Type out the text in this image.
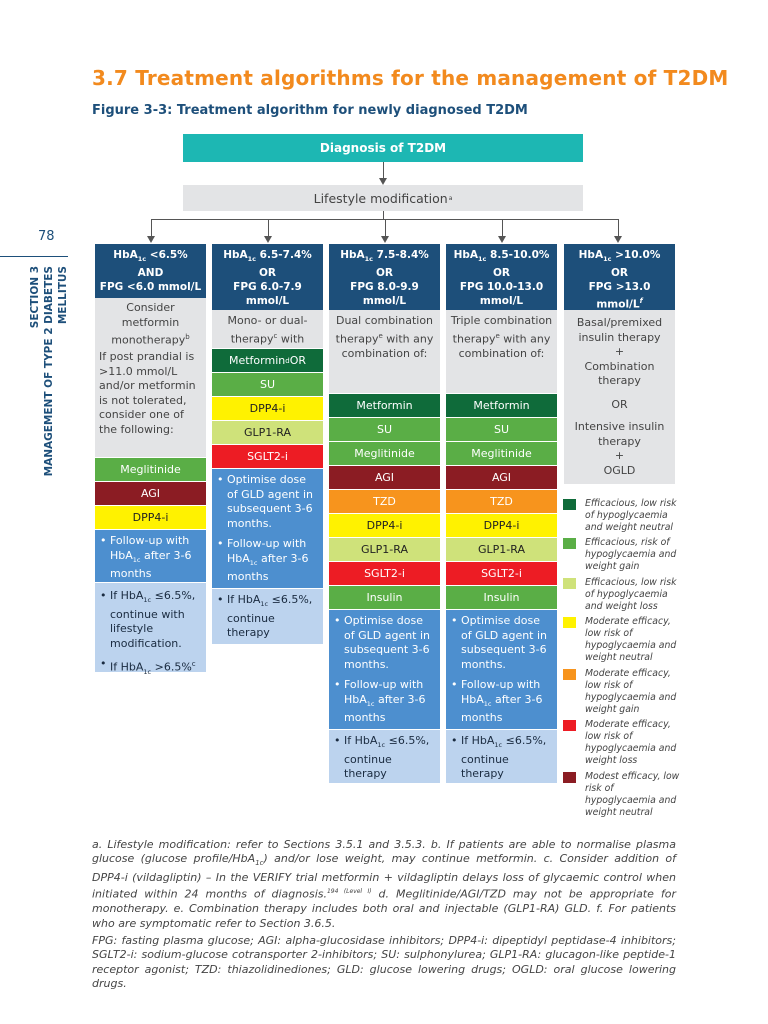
3.7 Treatment algorithms for the management of T2DM
Figure 3-3: Treatment algorithm for newly diagnosed T2DM
78
SECTION 3 MANAGEMENT OF TYPE 2 DIABETES MELLITUS
Diagnosis of T2DM
Lifestyle modification a
HbA$_{1c}$ <6.5%
AND
FPG <6.0 mmol/L
Consider metformin monotherapy$^b$
If post prandial is >11.0 mmol/L and/or metformin is not tolerated, consider one of the following:
Meglitinide
AGI
DPP4-i
• Follow-up with HbA$_{1c}$ after 3-6 months
• If HbA$_{1c}$ ≤6.5%, continue with lifestyle modification.
• If HbA$_{1c}$ >6.5%$^c$
HbA$_{1c}$ 6.5-7.4%
OR
FPG 6.0-7.9 mmol/L
Mono- or dual-therapy$^c$ with
Metformin d OR
SU
DPP4-i
GLP1-RA
SGLT2-i
• Optimise dose of GLD agent in subsequent 3-6 months.
• Follow-up with HbA$_{1c}$ after 3-6 months
• If HbA$_{1c}$ ≤6.5%, continue therapy
HbA$_{1c}$ 7.5-8.4%
OR
FPG 8.0-9.9 mmol/L
Dual combination therapy$^e$ with any combination of:
Metformin
SU
Meglitinide
AGI
TZD
DPP4-i
GLP1-RA
SGLT2-i
Insulin
• Optimise dose of GLD agent in subsequent 3-6 months.
• Follow-up with HbA$_{1c}$ after 3-6 months
• If HbA$_{1c}$ ≤6.5%, continue therapy
HbA$_{1c}$ 8.5-10.0%
OR
FPG 10.0-13.0 mmol/L
Triple combination therapy$^e$ with any combination of:
Metformin
SU
Meglitinide
AGI
TZD
DPP4-i
GLP1-RA
SGLT2-i
Insulin
• Optimise dose of GLD agent in subsequent 3-6 months.
• Follow-up with HbA$_{1c}$ after 3-6 months
• If HbA$_{1c}$ ≤6.5%, continue therapy
HbA$_{1c}$ >10.0%
OR
FPG >13.0 mmol/$L^f$
Basal/premixed insulin therapy
+
Combination therapy
OR
Intensive insulin therapy
+
OGLD
Efficacious, low risk of hypoglycaemia and weight neutral
Efficacious, risk of hypoglycaemia and weight gain
Efficacious, low risk of hypoglycaemia and weight loss
Moderate efficacy, low risk of hypoglycaemia and weight neutral
Moderate efficacy, low risk of hypoglycaemia and weight gain
Moderate efficacy, low risk of hypoglycaemia and weight loss
Modest efficacy, low risk of hypoglycaemia and weight neutral
a. Lifestyle modification: refer to Sections 3.5.1 and 3.5.3. b. If patients are able to normalise plasma glucose (glucose profile/HbA$_{1c}$) and/or lose weight, may continue metformin. c. Consider addition of DPP4-i (vildagliptin) – In the VERIFY trial metformin + vildagliptin delays loss of glycaemic control when initiated within 24 months of diagnosis.$^{194 (Level I)}$ d. Meglitinide/AGI/TZD may not be appropriate for monotherapy. e. Combination therapy includes both oral and injectable (GLP1-RA) GLD. f. For patients who are symptomatic refer to Section 3.6.5.
FPG: fasting plasma glucose; AGI: alpha-glucosidase inhibitors; DPP4-i: dipeptidyl peptidase-4 inhibitors; SGLT2-i: sodium-glucose cotransporter 2-inhibitors; SU: sulphonylurea; GLP1-RA: glucagon-like peptide-1 receptor agonist; TZD: thiazolidinediones; GLD: glucose lowering drugs; OGLD: oral glucose lowering drugs.
